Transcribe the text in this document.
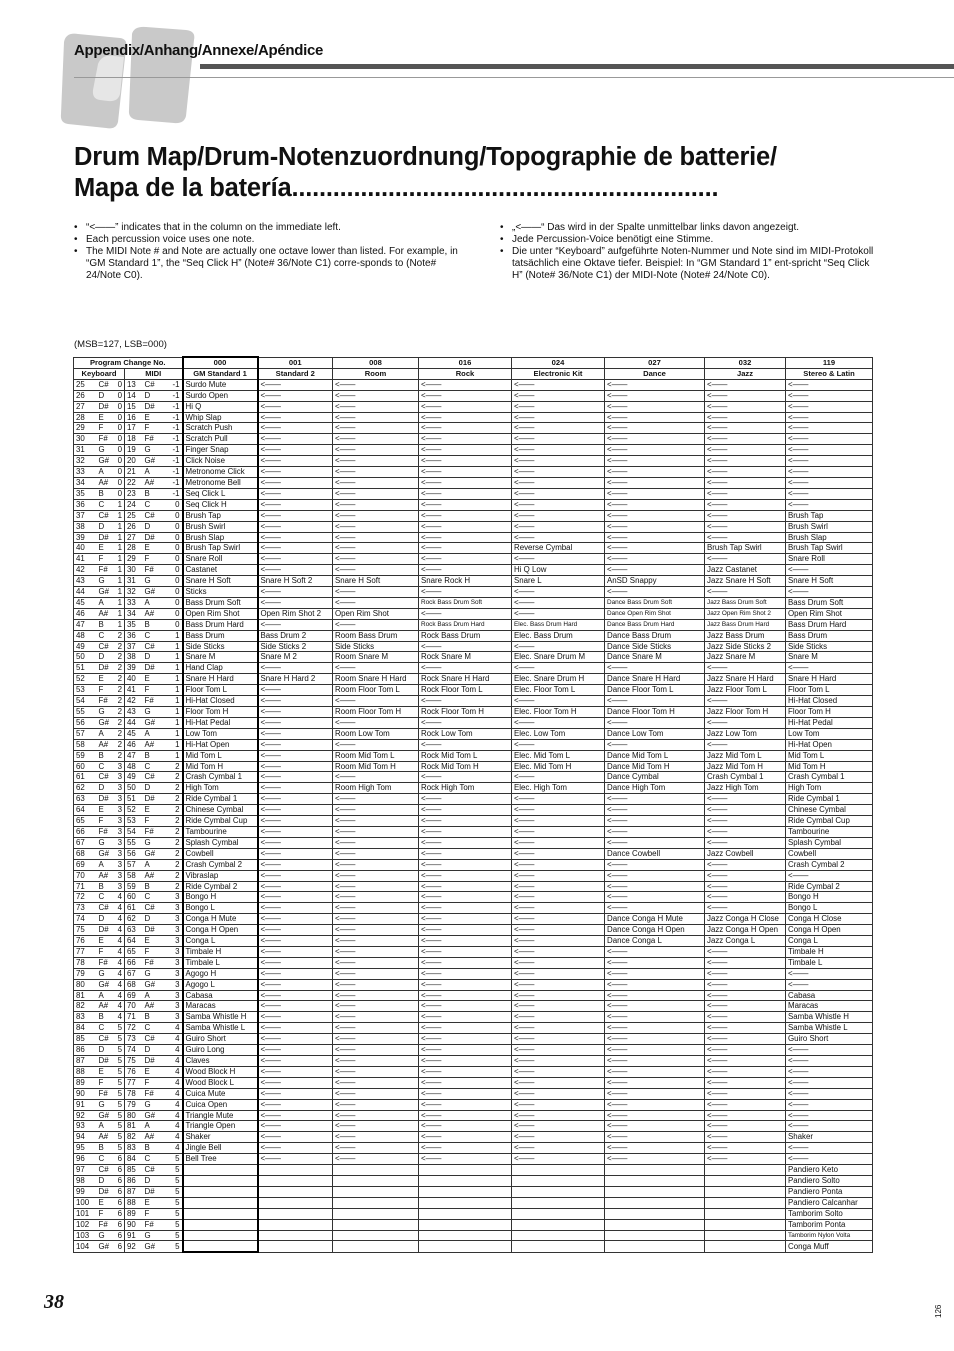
Appendix/Anhang/Annexe/Apéndice
Drum Map/Drum-Notenzuordnung/Topographie de batterie/
Mapa de la batería..............................................................
• “<——” indicates that in the column on the immediate left.
• Each percussion voice uses one note.
• The MIDI Note # and Note are actually one octave lower than listed. For example, in “GM Standard 1”, the “Seq Click H” (Note# 36/Note C1) corre-sponds to (Note# 24/Note C0).
• „<——“ Das wird in der Spalte unmittelbar links davon angezeigt.
• Jede Percussion-Voice benötigt eine Stimme.
• Die unter “Keyboard” aufgeführte Noten-Nummer und Note sind im MIDI-Protokoll tatsächlich eine Oktave tiefer. Beispiel: In “GM Standard 1” ent-spricht “Seq Click H” (Note# 36/Note C1) der MIDI-Note (Note# 24/Note C0).
(MSB=127, LSB=000)
Program Change No.						000	001	008	016	024	027	032	119
Keyboard			MIDI			GM Standard 1	Standard 2	Room	Rock	Electronic Kit	Dance	Jazz	Stereo & Latin
25	C#	0	13	C#	-1	Surdo Mute	<——	<——	<——	<——	<——	<——	<——
26	D	0	14	D	-1	Surdo Open	<——	<——	<——	<——	<——	<——	<——
27	D#	0	15	D#	-1	Hi Q	<——	<——	<——	<——	<——	<——	<——
28	E	0	16	E	-1	Whip Slap	<——	<——	<——	<——	<——	<——	<——
29	F	0	17	F	-1	Scratch Push	<——	<——	<——	<——	<——	<——	<——
30	F#	0	18	F#	-1	Scratch Pull	<——	<——	<——	<——	<——	<——	<——
31	G	0	19	G	-1	Finger Snap	<——	<——	<——	<——	<——	<——	<——
32	G#	0	20	G#	-1	Click Noise	<——	<——	<——	<——	<——	<——	<——
33	A	0	21	A	-1	Metronome Click	<——	<——	<——	<——	<——	<——	<——
34	A#	0	22	A#	-1	Metronome Bell	<——	<——	<——	<——	<——	<——	<——
35	B	0	23	B	-1	Seq Click L	<——	<——	<——	<——	<——	<——	<——
36	C	1	24	C	0	Seq Click H	<——	<——	<——	<——	<——	<——	<——
37	C#	1	25	C#	0	Brush Tap	<——	<——	<——	<——	<——	<——	Brush Tap
38	D	1	26	D	0	Brush Swirl	<——	<——	<——	<——	<——	<——	Brush Swirl
39	D#	1	27	D#	0	Brush Slap	<——	<——	<——	<——	<——	<——	Brush Slap
40	E	1	28	E	0	Brush Tap Swirl	<——	<——	<——	Reverse Cymbal	<——	Brush Tap Swirl	Brush Tap Swirl
41	F	1	29	F	0	Snare Roll	<——	<——	<——	<——	<——	<——	Snare Roll
42	F#	1	30	F#	0	Castanet	<——	<——	<——	Hi Q Low	<——	Jazz Castanet	<——
43	G	1	31	G	0	Snare H Soft	Snare H Soft 2	Snare H Soft	Snare Rock H	Snare L	AnSD Snappy	Jazz Snare H Soft	Snare H Soft
44	G#	1	32	G#	0	Sticks	<——	<——	<——	<——	<——	<——	<——
45	A	1	33	A	0	Bass Drum Soft	<——	<——	Rock Bass Drum Soft	<——	Dance Bass Drum Soft	Jazz Bass Drum Soft	Bass Drum Soft
46	A#	1	34	A#	0	Open Rim Shot	Open Rim Shot 2	Open Rim Shot	<——	<——	Dance Open Rim Shot	Jazz Open Rim Shot 2	Open Rim Shot
47	B	1	35	B	0	Bass Drum Hard	<——	<——	Rock Bass Drum Hard	Elec. Bass Drum Hard	Dance Bass Drum Hard	Jazz Bass Drum Hard	Bass Drum Hard
48	C	2	36	C	1	Bass Drum	Bass Drum 2	Room Bass Drum	Rock Bass Drum	Elec. Bass Drum	Dance Bass Drum	Jazz Bass Drum	Bass Drum
49	C#	2	37	C#	1	Side Sticks	Side Sticks 2	Side Sticks	<——	<——	Dance Side Sticks	Jazz Side Sticks 2	Side Sticks
50	D	2	38	D	1	Snare M	Snare M 2	Room Snare M	Rock Snare M	Elec. Snare Drum M	Dance Snare M	Jazz Snare M	Snare M
51	D#	2	39	D#	1	Hand Clap	<——	<——	<——	<——	<——	<——	<——
52	E	2	40	E	1	Snare H Hard	Snare H Hard 2	Room Snare H Hard	Rock Snare H Hard	Elec. Snare Drum H	Dance Snare H Hard	Jazz Snare H Hard	Snare H Hard
53	F	2	41	F	1	Floor Tom L	<——	Room Floor Tom L	Rock Floor Tom L	Elec. Floor Tom L	Dance Floor Tom L	Jazz Floor Tom L	Floor Tom L
54	F#	2	42	F#	1	Hi-Hat Closed	<——	<——	<——	<——	<——	<——	Hi-Hat Closed
55	G	2	43	G	1	Floor Tom H	<——	Room Floor Tom H	Rock Floor Tom H	Elec. Floor Tom H	Dance Floor Tom H	Jazz Floor Tom H	Floor Tom H
56	G#	2	44	G#	1	Hi-Hat Pedal	<——	<——	<——	<——	<——	<——	Hi-Hat Pedal
57	A	2	45	A	1	Low Tom	<——	Room Low Tom	Rock Low Tom	Elec. Low Tom	Dance Low Tom	Jazz Low Tom	Low Tom
58	A#	2	46	A#	1	Hi-Hat Open	<——	<——	<——	<——	<——	<——	Hi-Hat Open
59	B	2	47	B	1	Mid Tom L	<——	Room Mid Tom L	Rock Mid Tom L	Elec. Mid Tom L	Dance Mid Tom L	Jazz Mid Tom L	Mid Tom L
60	C	3	48	C	2	Mid Tom H	<——	Room Mid Tom H	Rock Mid Tom H	Elec. Mid Tom H	Dance Mid Tom H	Jazz Mid Tom H	Mid Tom H
61	C#	3	49	C#	2	Crash Cymbal 1	<——	<——	<——	<——	Dance Cymbal	Crash Cymbal 1	Crash Cymbal 1
62	D	3	50	D	2	High Tom	<——	Room High Tom	Rock High Tom	Elec. High Tom	Dance High Tom	Jazz High Tom	High Tom
63	D#	3	51	D#	2	Ride Cymbal 1	<——	<——	<——	<——	<——	<——	Ride Cymbal 1
64	E	3	52	E	2	Chinese Cymbal	<——	<——	<——	<——	<——	<——	Chinese Cymbal
65	F	3	53	F	2	Ride Cymbal Cup	<——	<——	<——	<——	<——	<——	Ride Cymbal Cup
66	F#	3	54	F#	2	Tambourine	<——	<——	<——	<——	<——	<——	Tambourine
67	G	3	55	G	2	Splash Cymbal	<——	<——	<——	<——	<——	<——	Splash Cymbal
68	G#	3	56	G#	2	Cowbell	<——	<——	<——	<——	Dance Cowbell	Jazz Cowbell	Cowbell
69	A	3	57	A	2	Crash Cymbal 2	<——	<——	<——	<——	<——	<——	Crash Cymbal 2
70	A#	3	58	A#	2	Vibraslap	<——	<——	<——	<——	<——	<——	<——
71	B	3	59	B	2	Ride Cymbal 2	<——	<——	<——	<——	<——	<——	Ride Cymbal 2
72	C	4	60	C	3	Bongo H	<——	<——	<——	<——	<——	<——	Bongo H
73	C#	4	61	C#	3	Bongo L	<——	<——	<——	<——	<——	<——	Bongo L
74	D	4	62	D	3	Conga H Mute	<——	<——	<——	<——	Dance Conga H Mute	Jazz Conga H Close	Conga H Close
75	D#	4	63	D#	3	Conga H Open	<——	<——	<——	<——	Dance Conga H Open	Jazz Conga H Open	Conga H Open
76	E	4	64	E	3	Conga L	<——	<——	<——	<——	Dance Conga L	Jazz Conga L	Conga L
77	F	4	65	F	3	Timbale H	<——	<——	<——	<——	<——	<——	Timbale H
78	F#	4	66	F#	3	Timbale L	<——	<——	<——	<——	<——	<——	Timbale L
79	G	4	67	G	3	Agogo H	<——	<——	<——	<——	<——	<——	<——
80	G#	4	68	G#	3	Agogo L	<——	<——	<——	<——	<——	<——	<——
81	A	4	69	A	3	Cabasa	<——	<——	<——	<——	<——	<——	Cabasa
82	A#	4	70	A#	3	Maracas	<——	<——	<——	<——	<——	<——	Maracas
83	B	4	71	B	3	Samba Whistle H	<——	<——	<——	<——	<——	<——	Samba Whistle H
84	C	5	72	C	4	Samba Whistle L	<——	<——	<——	<——	<——	<——	Samba Whistle L
85	C#	5	73	C#	4	Guiro Short	<——	<——	<——	<——	<——	<——	Guiro Short
86	D	5	74	D	4	Guiro Long	<——	<——	<——	<——	<——	<——	<——
87	D#	5	75	D#	4	Claves	<——	<——	<——	<——	<——	<——	<——
88	E	5	76	E	4	Wood Block H	<——	<——	<——	<——	<——	<——	<——
89	F	5	77	F	4	Wood Block L	<——	<——	<——	<——	<——	<——	<——
90	F#	5	78	F#	4	Cuica Mute	<——	<——	<——	<——	<——	<——	<——
91	G	5	79	G	4	Cuica Open	<——	<——	<——	<——	<——	<——	<——
92	G#	5	80	G#	4	Triangle Mute	<——	<——	<——	<——	<——	<——	<——
93	A	5	81	A	4	Triangle Open	<——	<——	<——	<——	<——	<——	<——
94	A#	5	82	A#	4	Shaker	<——	<——	<——	<——	<——	<——	Shaker
95	B	5	83	B	4	Jingle Bell	<——	<——	<——	<——	<——	<——	<——
96	C	6	84	C	5	Bell Tree	<——	<——	<——	<——	<——	<——	<——
97	C#	6	85	C#	5								Pandiero Keto
98	D	6	86	D	5								Pandiero Solto
99	D#	6	87	D#	5								Pandiero Ponta
100	E	6	88	E	5								Pandiero Calcanhar
101	F	6	89	F	5								Tamborim Solto
102	F#	6	90	F#	5								Tamborim Ponta
103	G	6	91	G	5								Tamborim Nylon Volta
104	G#	6	92	G#	5								Conga Muff
38	126
